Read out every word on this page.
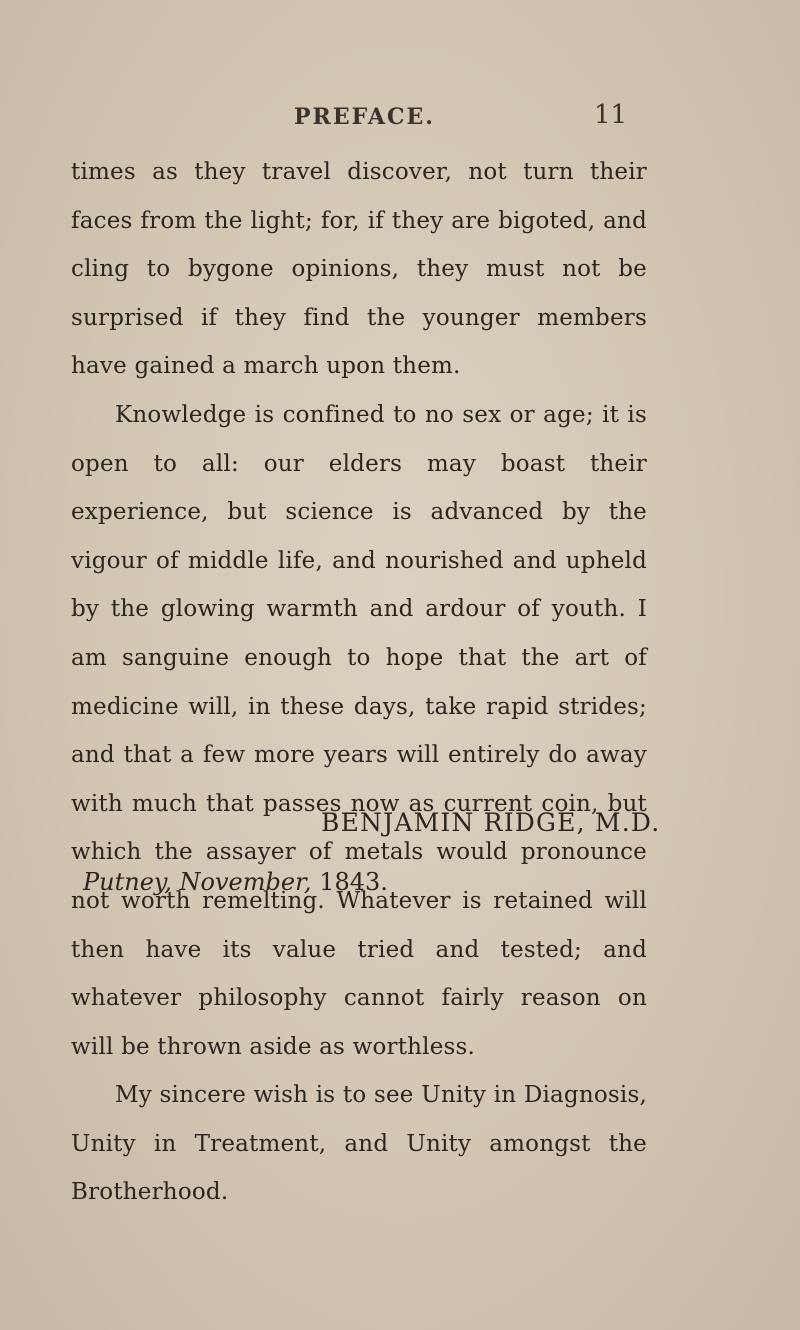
PREFACE.	11

times as they travel discover, not turn their faces from the light; for, if they are bigoted, and cling to bygone opinions, they must not be surprised if they find the younger members have gained a march upon them.

Knowledge is confined to no sex or age; it is open to all: our elders may boast their experience, but science is advanced by the vigour of middle life, and nourished and upheld by the glowing warmth and ardour of youth. I am sanguine enough to hope that the art of medicine will, in these days, take rapid strides; and that a few more years will entirely do away with much that passes now as current coin, but which the assayer of metals would pronounce not worth remelting. Whatever is retained will then have its value tried and tested; and whatever philosophy cannot fairly reason on will be thrown aside as worthless.

My sincere wish is to see Unity in Diagnosis, Unity in Treatment, and Unity amongst the Brotherhood.

BENJAMIN RIDGE, M.D.
Putney, November, 1843.
